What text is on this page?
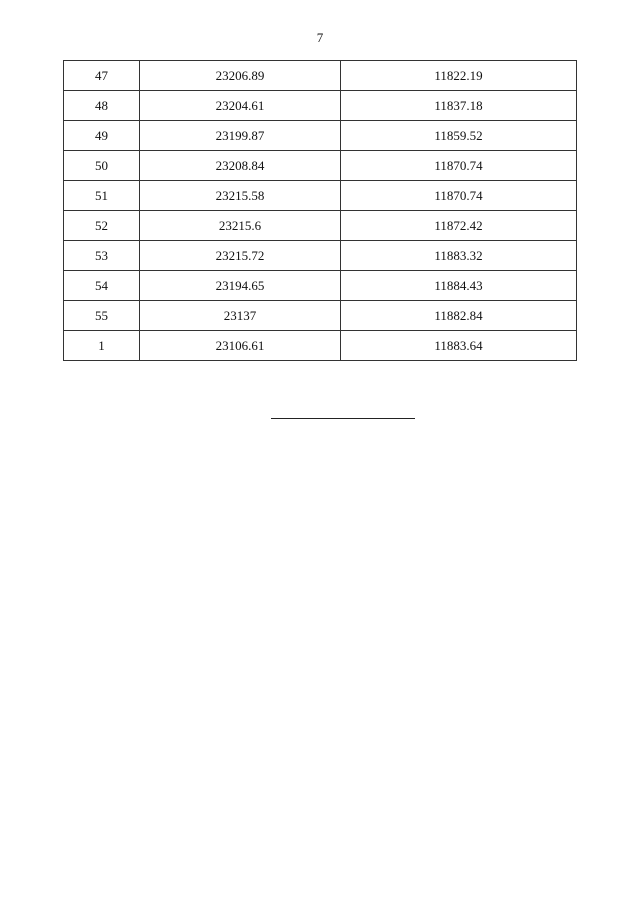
7
47	23206.89	11822.19
48	23204.61	11837.18
49	23199.87	11859.52
50	23208.84	11870.74
51	23215.58	11870.74
52	23215.6	11872.42
53	23215.72	11883.32
54	23194.65	11884.43
55	23137	11882.84
1	23106.61	11883.64
